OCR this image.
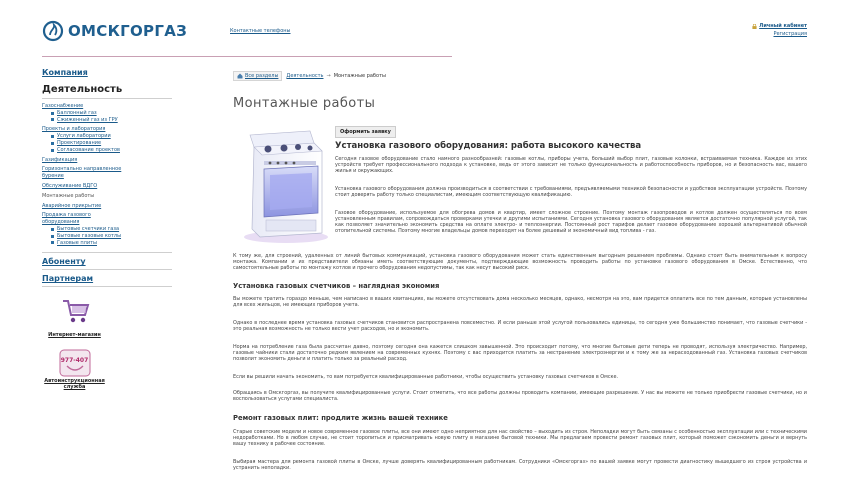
ОМСКГОРГАЗ	Контактные телефоны
Личный кабинет
Регистрация
Компания
Деятельность
Газоснабжение
Баллонный газ
Сжиженный газ из ГРУ
Проекты и лаборатория
Услуги лаборатории
Проектирование
Согласование проектов
Газификация
Горизонтально направленное бурение
Обслуживание ВДГО
Монтажные работы
Аварийное прикрытие
Продажа газового оборудования
Бытовые счетчики газа
Бытовые газовые котлы
Газовые плиты
Абоненту
Партнерам
Интернет-магазин
977-407
Автоинструкционная служба
Все разделы Деятельность → Монтажные работы
Монтажные работы
Оформить заявку
Установка газового оборудования: работа высокого качества

Сегодня газовое оборудование стало намного разнообразней: газовые котлы, приборы учета, больший выбор плит, газовые колонки, встраиваемая техника. Каждое из этих устройств требует профессионального подхода к установке, ведь от этого зависит не только функциональность и работоспособность приборов, но и безопасность вас, вашего жилья и окружающих.

Установка газового оборудования должна производиться в соответствии с требованиями, предъявляемыми техникой безопасности и удобствов эксплуатации устройств. Поэтому стоит доверять работу только специалистам, имеющим соответствующую квалификацию.

Газовое оборудование, используемое для обогрева домов и квартир, имеет сложное строение. Поэтому монтаж газопроводов и котлов должен осуществляться по всем установленным правилам, сопровождаться проверками утечки и другими испытаниями. Сегодня установка газового оборудования является достаточно популярной услугой, так как позволяет значительно экономить средства на оплате электро- и теплоэнергии. Постоянный рост тарифов делает газовое оборудование хорошей альтернативой обычной отопительной системы. Поэтому многие владельцы домов переходят на более дешевый и экономичный вид топлива - газ.

К тому же, для строений, удаленных от линий бытовых коммуникаций, установка газового оборудования может стать единственным выгодным решением проблемы. Однако стоит быть внимательным к вопросу монтажа. Компании и их представители обязаны иметь соответствующие документы, подтверждающие возможность проводить работы по установке газового оборудования в Омске. Естественно, что самостоятельные работы по монтажу котлов и прочего оборудования недопустимы, так как несут высокий риск.

Установка газовых счетчиков – наглядная экономия

Вы можете тратить гораздо меньше, чем написано в ваших квитанциях, вы можете отсутствовать дома несколько месяцев, однако, несмотря на это, вам придется оплатить все по тем данным, которые установлены для всех жильцов, не имеющих приборов учета.

Однако в последнее время установка газовых счетчиков становится распространена повсеместно. И если раньше этой услугой пользовались единицы, то сегодня уже большинство понимает, что газовые счетчики - это реальная возможность не только вести учет расходов, но и экономить.

Норма на потребление газа была рассчитан давно, поэтому сегодня она кажется слишком завышенной. Это происходит потому, что многие бытовые дети теперь не проводят, используя электричество. Например, газовые чайники стали достаточно редким явлением на современных кухнях. Поэтому с вас приходится платить за нестранение электроэнергии и к тому же за нерасходованный газ. Установка газовых счетчиков позволит экономить деньги и платить только за реальный расход.

Если вы решили начать экономить, то вам потребуется квалифицированные работники, чтобы осуществить установку газовых счетчиков в Омске.

Обращаясь в Омскгоргаз, вы получите квалифицированные услуги. Стоит отметить, что все работы должны проводить компании, имеющие разрешение. У нас вы можете не только приобрести газовые счетчики, но и воспользоваться услугами специалиста.

Ремонт газовых плит: продлите жизнь вашей технике

Старые советские модели и новое современное газовое плиты, все они имеют одно неприятное для нас свойство – выходить из строя. Неполадки могут быть связаны с особенностью эксплуатации или с техническими недоработками. Но в любом случае, не стоит торопиться и присматривать новую плиту в магазине бытовой техники. Мы предлагаем провести ремонт газовых плит, который поможет сэкономить деньги и вернуть вашу технику в рабочее состояние.

Выбирая мастера для ремонта газовой плиты в Омске, лучше доверять квалифицированным работникам. Сотрудники «Омскгоргаз» по вашей заявке могут провести диагностику вышедшего из строя устройства и устранить неполадки.
